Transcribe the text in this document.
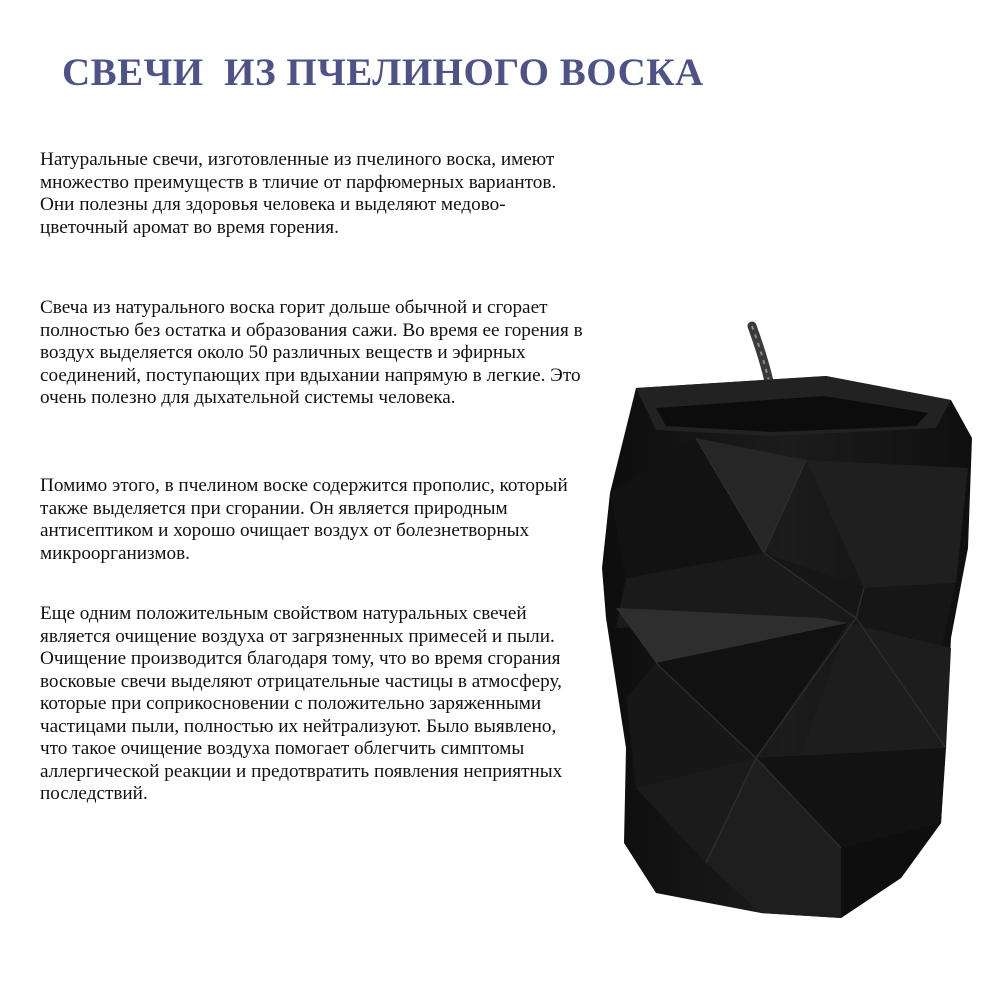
СВЕЧИ  ИЗ ПЧЕЛИНОГО ВОСКА

Натуральные свечи, изготовленные из пчелиного воска, имеют множество преимуществ в тличие от парфюмерных вариантов. Они полезны для здоровья человека и выделяют медово-цветочный аромат во время горения.

Свеча из натурального воска горит дольше обычной и сгорает полностью без остатка и образования сажи. Во время ее горения в воздух выделяется около 50 различных веществ и эфирных соединений, поступающих при вдыхании напрямую в легкие. Это очень полезно для дыхательной системы человека.

Помимо этого, в пчелином воске содержится прополис, который также выделяется при сгорании. Он является природным антисептиком и хорошо очищает воздух от болезнетворных микроорганизмов.

Еще одним положительным свойством натуральных свечей является очищение воздуха от загрязненных примесей и пыли. Очищение производится благодаря тому, что во время сгорания восковые свечи выделяют отрицательные частицы в атмосферу, которые при соприкосновении с положительно заряженными частицами пыли, полностью их нейтрализуют. Было выявлено, что такое очищение воздуха помогает облегчить симптомы аллергической реакции и предотвратить появления неприятных последствий.
